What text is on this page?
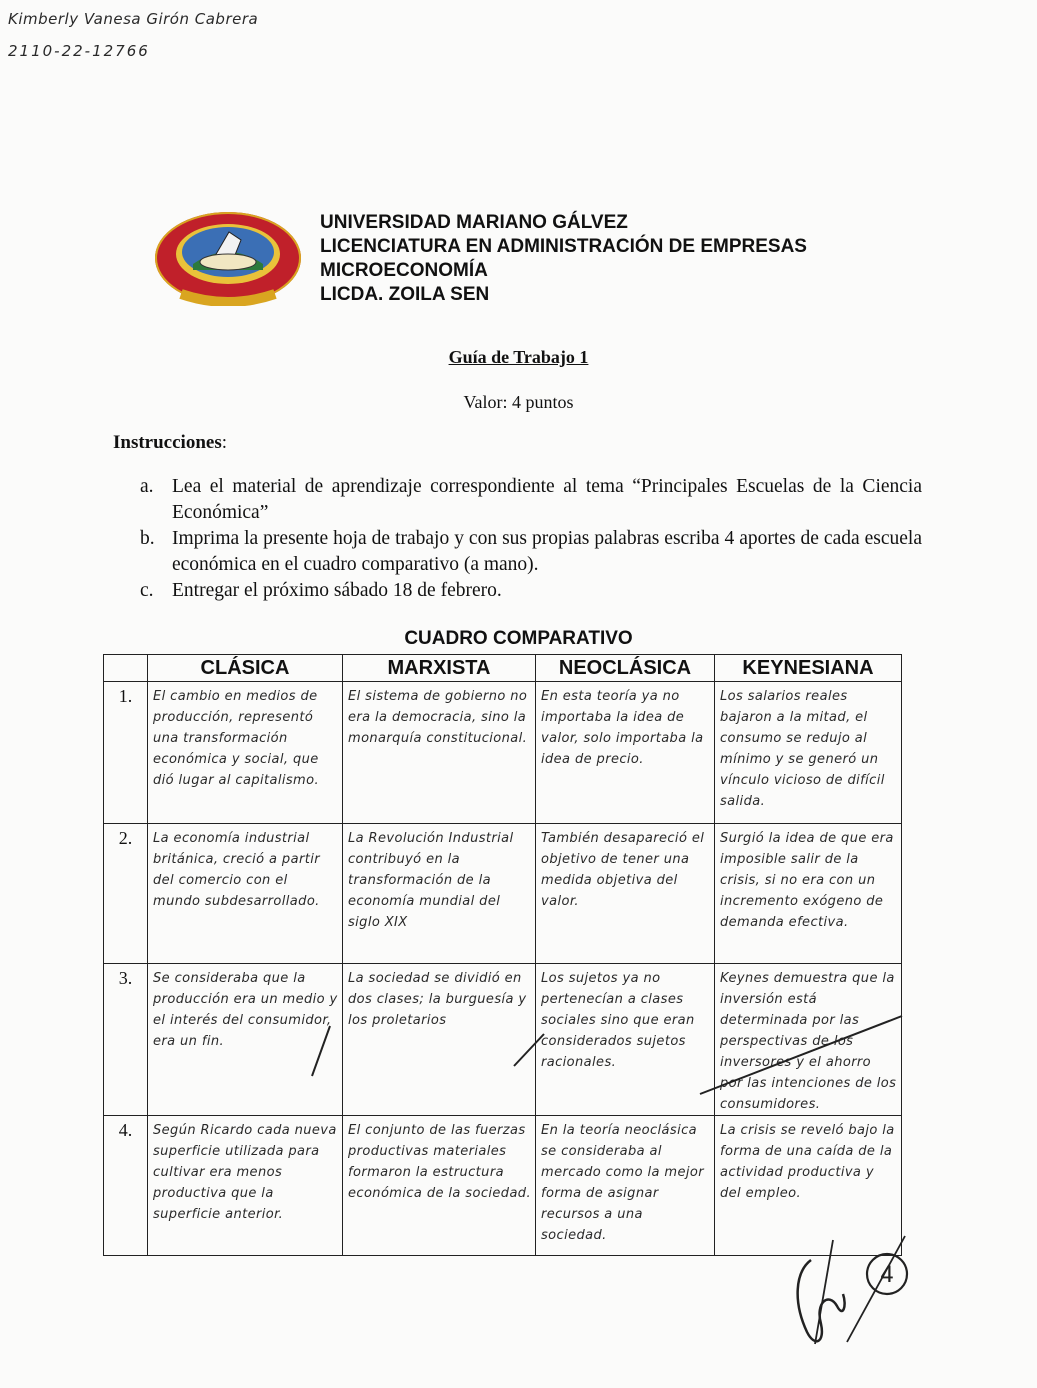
Kimberly Vanesa Girón Cabrera
2110-22-12766
UNIVERSIDAD MARIANO GÁLVEZ
LICENCIATURA EN ADMINISTRACIÓN DE EMPRESAS
MICROECONOMÍA
LICDA. ZOILA SEN
Guía de Trabajo 1
Valor: 4 puntos
Instrucciones:
a. Lea el material de aprendizaje correspondiente al tema “Principales Escuelas de la Ciencia Económica”
b. Imprima la presente hoja de trabajo y con sus propias palabras escriba 4 aportes de cada escuela económica en el cuadro comparativo (a mano).
c. Entregar el próximo sábado 18 de febrero.
CUADRO COMPARATIVO
	CLÁSICA	MARXISTA	NEOCLÁSICA	KEYNESIANA
1.	El cambio en medios de producción, representó una transformación económica y social, que dió lugar al capitalismo.	El sistema de gobierno no era la democracia, sino la monarquía constitucional.	En esta teoría ya no importaba la idea de valor, solo importaba la idea de precio.	Los salarios reales bajaron a la mitad, el consumo se redujo al mínimo y se generó un vínculo vicioso de difícil salida.
2.	La economía industrial británica, creció a partir del comercio con el mundo subdesarrollado.	La Revolución Industrial contribuyó en la transformación de la economía mundial del siglo XIX	También desapareció el objetivo de tener una medida objetiva del valor.	Surgió la idea de que era imposible salir de la crisis, si no era con un incremento exógeno de demanda efectiva.
3.	Se consideraba que la producción era un medio y el interés del consumidor, era un fin.	La sociedad se dividió en dos clases; la burguesía y los proletarios	Los sujetos ya no pertenecían a clases sociales sino que eran considerados sujetos racionales.	Keynes demuestra que la inversión está determinada por las perspectivas de los inversores y el ahorro por las intenciones de los consumidores.
4.	Según Ricardo cada nueva superficie utilizada para cultivar era menos productiva que la superficie anterior.	El conjunto de las fuerzas productivas materiales formaron la estructura económica de la sociedad.	En la teoría neoclásica se consideraba al mercado como la mejor forma de asignar recursos a una sociedad.	La crisis se reveló bajo la forma de una caída de la actividad productiva y del empleo.
4
